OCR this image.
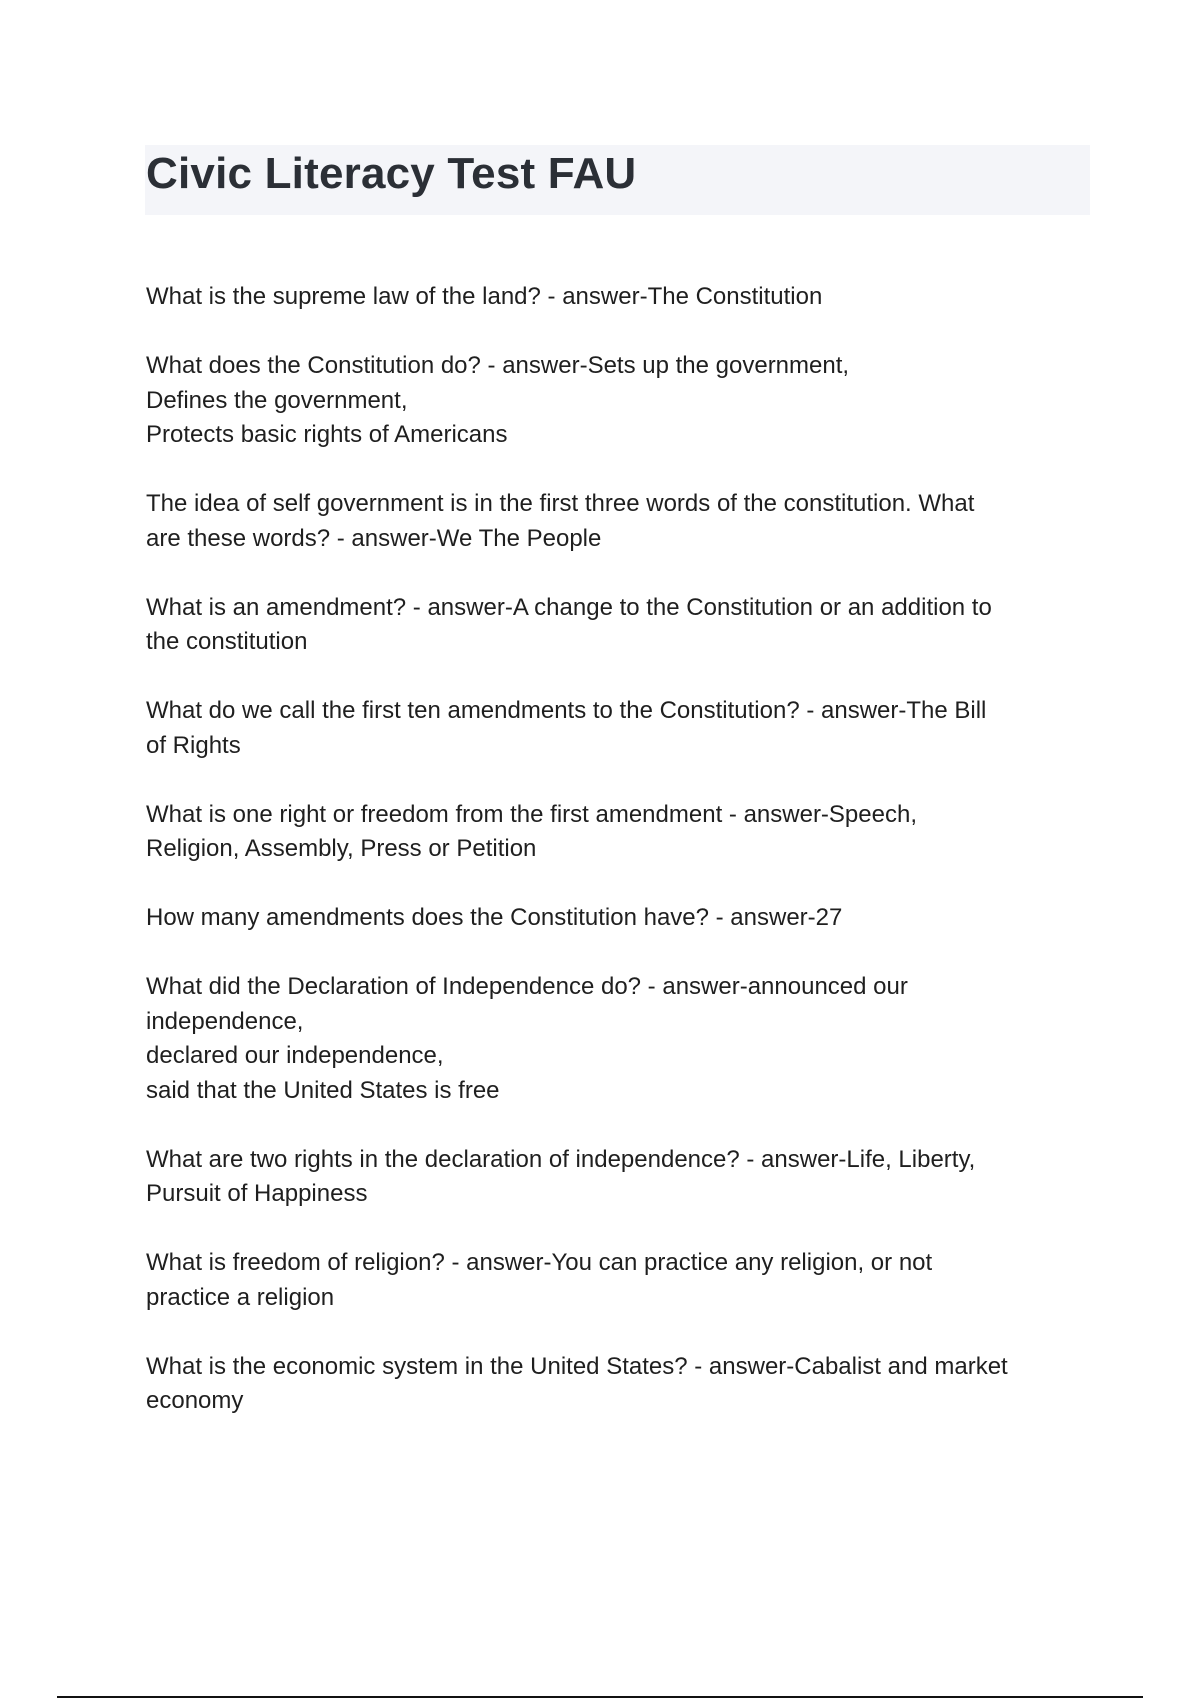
Civic Literacy Test FAU

What is the supreme law of the land? - answer-The Constitution

What does the Constitution do? - answer-Sets up the government,
Defines the government,
Protects basic rights of Americans

The idea of self government is in the first three words of the constitution. What
are these words? - answer-We The People

What is an amendment? - answer-A change to the Constitution or an addition to
the constitution

What do we call the first ten amendments to the Constitution? - answer-The Bill
of Rights

What is one right or freedom from the first amendment - answer-Speech,
Religion, Assembly, Press or Petition

How many amendments does the Constitution have? - answer-27

What did the Declaration of Independence do? - answer-announced our
independence,
declared our independence,
said that the United States is free

What are two rights in the declaration of independence? - answer-Life, Liberty,
Pursuit of Happiness

What is freedom of religion? - answer-You can practice any religion, or not
practice a religion

What is the economic system in the United States? - answer-Cabalist and market
economy
